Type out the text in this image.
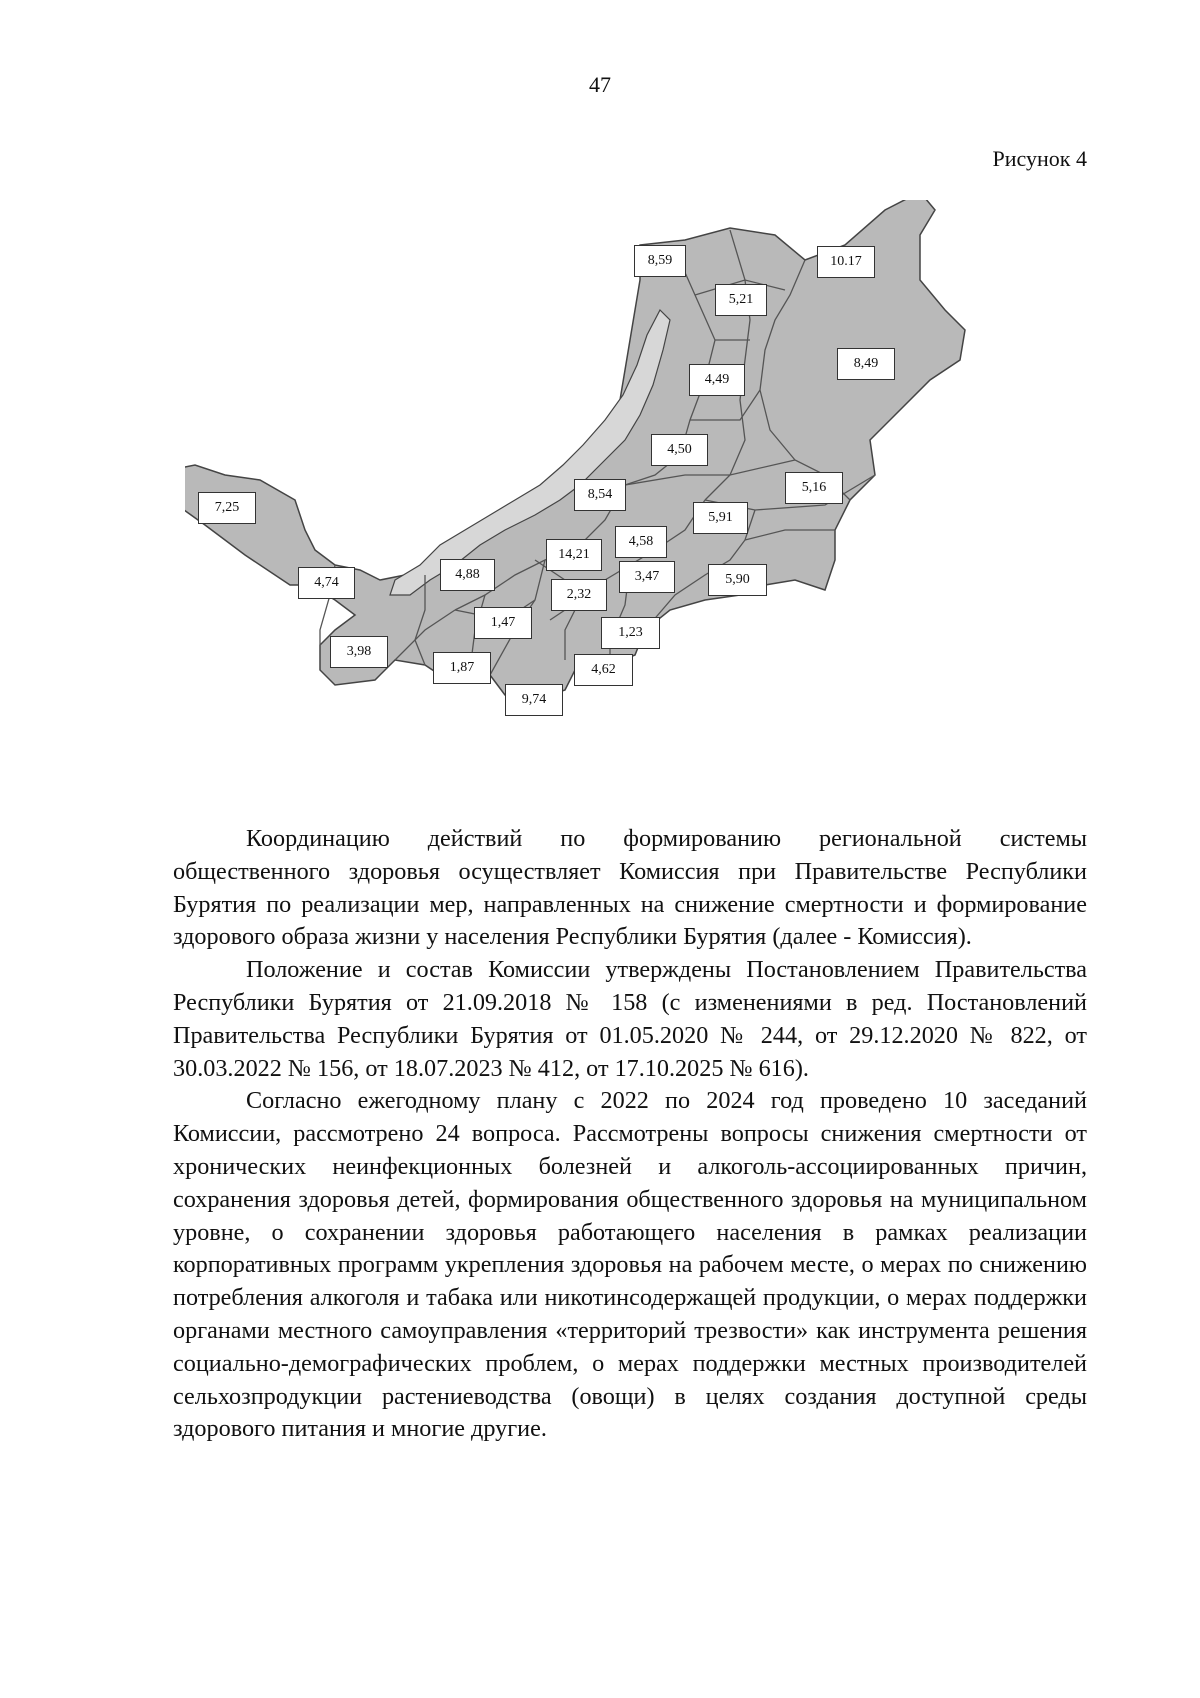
47
Рисунок 4
8,59	10.17
5,21
8,49
4,49
4,50
7,25
8,54	5,16
5,91
4,58
14,21
4,88
4,74	3,47	5,90
2,32
1,47
1,23
3,98
1,87	4,62
9,74

Координацию действий по формированию региональной системы общественного здоровья осуществляет Комиссия при Правительстве Республики Бурятия по реализации мер, направленных на снижение смертности и формирование здорового образа жизни у населения Республики Бурятия (далее - Комиссия).

Положение и состав Комиссии утверждены Постановлением Правительства Республики Бурятия от 21.09.2018 № 158 (с изменениями в ред. Постановлений Правительства Республики Бурятия от 01.05.2020 № 244, от 29.12.2020 № 822, от 30.03.2022 № 156, от 18.07.2023 № 412, от 17.10.2025 № 616).

Согласно ежегодному плану с 2022 по 2024 год проведено 10 заседаний Комиссии, рассмотрено 24 вопроса. Рассмотрены вопросы снижения смертности от хронических неинфекционных болезней и алкоголь-ассоциированных причин, сохранения здоровья детей, формирования общественного здоровья на муниципальном уровне, о сохранении здоровья работающего населения в рамках реализации корпоративных программ укрепления здоровья на рабочем месте, о мерах по снижению потребления алкоголя и табака или никотинсодержащей продукции, о мерах поддержки органами местного самоуправления «территорий трезвости» как инструмента решения социально-демографических проблем, о мерах поддержки местных производителей сельхозпродукции растениеводства (овощи) в целях создания доступной среды здорового питания и многие другие.
